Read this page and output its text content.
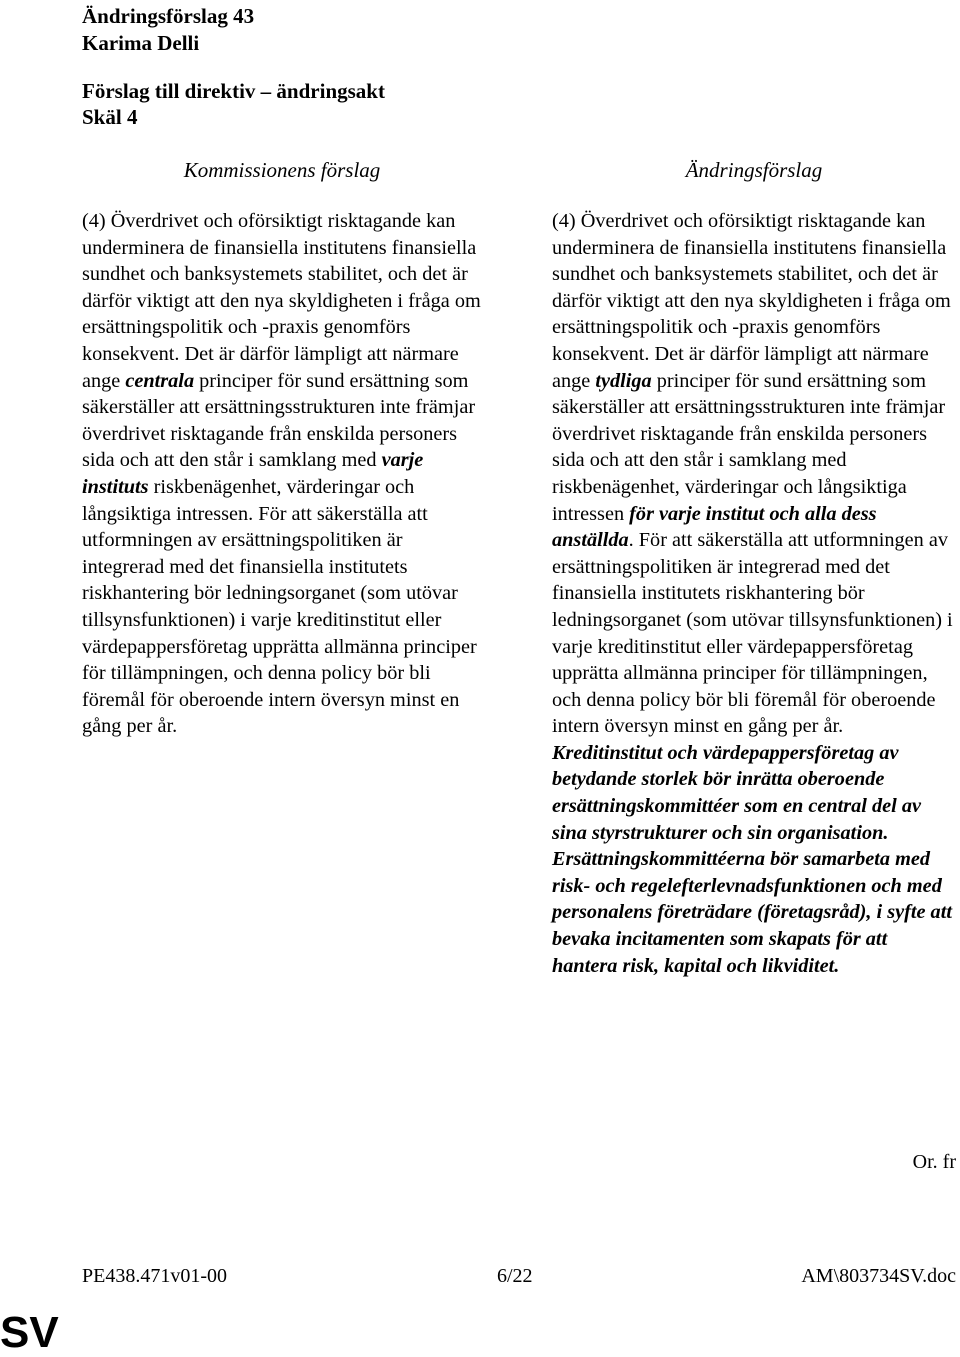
Ändringsförslag 43
Karima Delli
Förslag till direktiv – ändringsakt
Skäl 4
Kommissionens förslag	Ändringsförslag
(4) Överdrivet och oförsiktigt risktagande kan underminera de finansiella institutens finansiella sundhet och banksystemets stabilitet, och det är därför viktigt att den nya skyldigheten i fråga om ersättningspolitik och -praxis genomförs konsekvent. Det är därför lämpligt att närmare ange centrala principer för sund ersättning som säkerställer att ersättningsstrukturen inte främjar överdrivet risktagande från enskilda personers sida och att den står i samklang med varje instituts riskbenägenhet, värderingar och långsiktiga intressen. För att säkerställa att utformningen av ersättningspolitiken är integrerad med det finansiella institutets riskhantering bör ledningsorganet (som utövar tillsynsfunktionen) i varje kreditinstitut eller värdepappersföretag upprätta allmänna principer för tillämpningen, och denna policy bör bli föremål för oberoende intern översyn minst en gång per år.
(4) Överdrivet och oförsiktigt risktagande kan underminera de finansiella institutens finansiella sundhet och banksystemets stabilitet, och det är därför viktigt att den nya skyldigheten i fråga om ersättningspolitik och -praxis genomförs konsekvent. Det är därför lämpligt att närmare ange tydliga principer för sund ersättning som säkerställer att ersättningsstrukturen inte främjar överdrivet risktagande från enskilda personers sida och att den står i samklang med riskbenägenhet, värderingar och långsiktiga intressen för varje institut och alla dess anställda. För att säkerställa att utformningen av ersättningspolitiken är integrerad med det finansiella institutets riskhantering bör ledningsorganet (som utövar tillsynsfunktionen) i varje kreditinstitut eller värdepappersföretag upprätta allmänna principer för tillämpningen, och denna policy bör bli föremål för oberoende intern översyn minst en gång per år. Kreditinstitut och värdepappersföretag av betydande storlek bör inrätta oberoende ersättningskommittéer som en central del av sina styrstrukturer och sin organisation. Ersättningskommittéerna bör samarbeta med risk- och regelefterlevnadsfunktionen och med personalens företrädare (företagsråd), i syfte att bevaka incitamenten som skapats för att hantera risk, kapital och likviditet.
Or. fr
PE438.471v01-00	6/22	AM\803734SV.doc
SV
